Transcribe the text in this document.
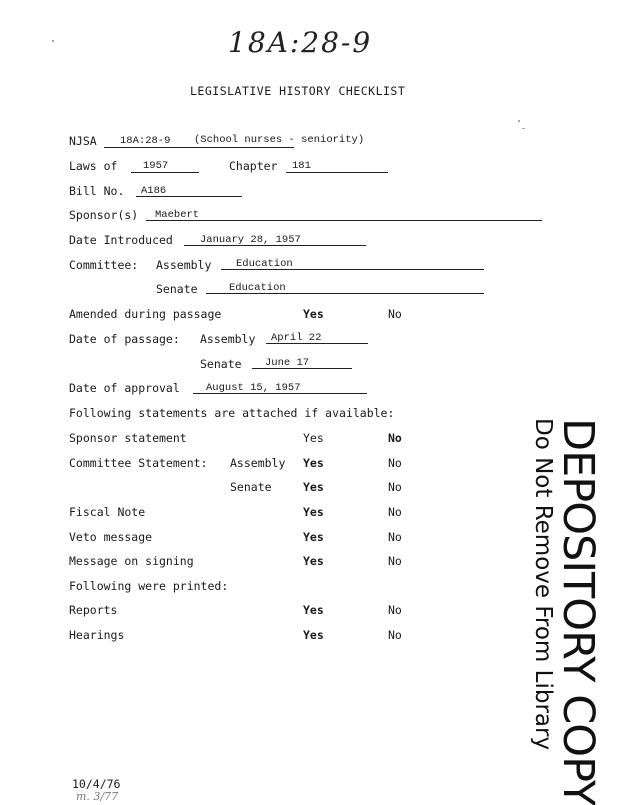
18A:28-9
LEGISLATIVE HISTORY CHECKLIST
NJSA 18A:28-9 (School nurses - seniority)
Laws of 1957	Chapter 181
Bill No. A186
Sponsor(s) Maebert
Date Introduced	January 28, 1957
Committee: Assembly Education
Senate	Education
Amended during passage	Yes	No
Date of passage: Assembly April 22
Senate June 17
Date of approval August 15, 1957
Following statements are attached if available:
Sponsor statement	Yes	No
Committee Statement: Assembly Yes	No
Senate	Yes	No
Fiscal Note	Yes	No
Veto message	Yes	No
Message on signing	Yes	No
Following were printed:
Reports	Yes	No
Hearings	Yes	No	DEPOSITORY COPY
Do Not Remove From Library
10/4/76
m. 3/77
